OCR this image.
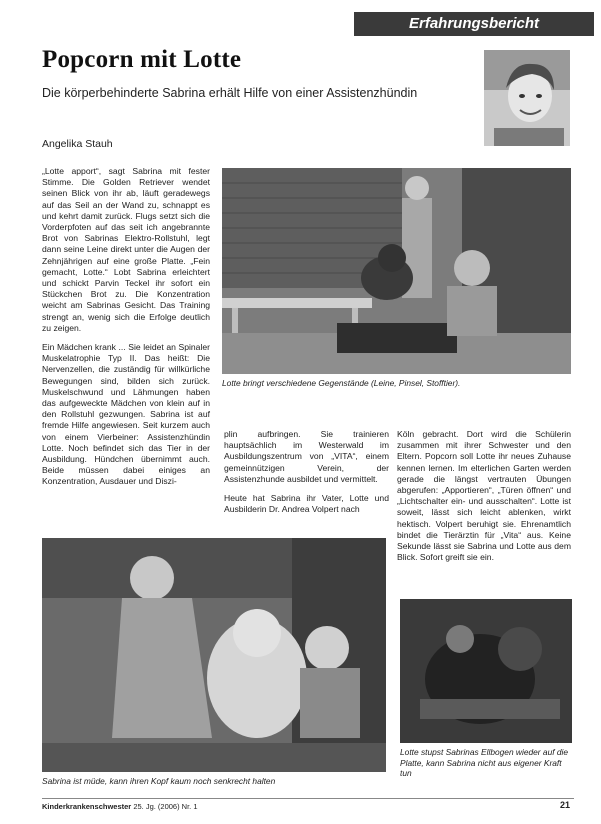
Erfahrungsbericht
Popcorn mit Lotte
Die körperbehinderte Sabrina erhält Hilfe von einer Assistenzhündin
Angelika Stauh

„Lotte apport“, sagt Sabrina mit fester Stimme. Die Golden Retriever wendet seinen Blick von ihr ab, läuft geradewegs auf das Seil an der Wand zu, schnappt es und kehrt damit zurück. Flugs setzt sich die Vorderpfoten auf das seit ich angebrannte Brot von Sabrinas Elektro-Rollstuhl, legt dann seine Leine direkt unter die Augen der Zehnjährigen auf eine große Platte. „Fein gemacht, Lotte.“ Lobt Sabrina erleichtert und schickt Parvin Teckel ihr sofort ein Stückchen Brot zu. Die Konzentration weicht am Sabrinas Gesicht. Das Training strengt an, wenig sich die Erfolge deutlich zu zeigen.

Ein Mädchen krank ... Sie leidet an Spinaler Muskelatrophie Typ II. Das heißt: Die Nervenzellen, die zuständig für willkürliche Bewegungen sind, bilden sich zurück. Muskelschwund und Lähmungen haben das aufgeweckte Mädchen von klein auf in den Rollstuhl gezwungen. Sabrina ist auf fremde Hilfe angewiesen. Seit kurzem auch von einem Vierbeiner: Assistenzhündin Lotte. Noch befindet sich das Tier in der Ausbildung. Hündchen übernimmt auch. Beide müssen dabei einiges an Konzentration, Ausdauer und Diszi-

Lotte bringt verschiedene Gegenstände (Leine, Pinsel, Stofftier).

plin aufbringen. Sie trainieren hauptsächlich im Westerwald im Ausbildungszentrum von „VITA“, einem gemeinnützigen Verein, der Assistenzhunde ausbildet und vermittelt.

Heute hat Sabrina ihr Vater, Lotte und Ausbilderin Dr. Andrea Volpert nach

Köln gebracht. Dort wird die Schülerin zusammen mit ihrer Schwester und den Eltern. Popcorn soll Lotte ihr neues Zuhause kennen lernen. Im elterlichen Garten werden gerade die längst vertrauten Übungen abgerufen: „Apportieren“, „Türen öffnen“ und „Lichtschalter ein- und ausschalten“. Lotte ist soweit, lässt sich leicht ablenken, wirkt hektisch. Volpert beruhigt sie. Ehrenamtlich bindet die Tierärztin für „Vita“ aus. Keine Sekunde lässt sie Sabrina und Lotte aus dem Blick. Sofort greift sie ein.

Sabrina ist müde, kann ihren Kopf kaum noch senkrecht halten
Lotte stupst Sabrinas Ellbogen wieder auf die Platte, kann Sabrina nicht aus eigener Kraft tun
Kinderkrankenschwester 25. Jg. (2006) Nr. 1	21
